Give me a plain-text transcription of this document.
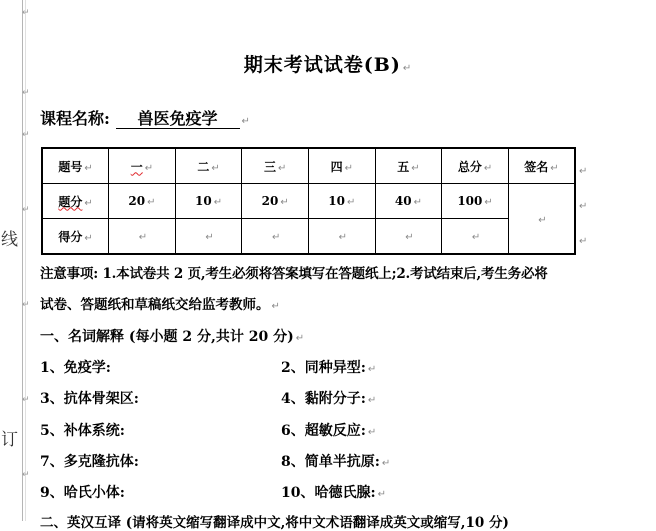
线
订
↵
↵
↵
↵
↵
↵
↵
期末考试试卷(B) ↵
课程名称: 兽医免疫学 ↵
题号 ↵	一 ↵	二 ↵	三 ↵	四 ↵	五 ↵	总分 ↵	签名 ↵
题分 ↵	20 ↵	10 ↵	20 ↵	10 ↵	40 ↵	100 ↵	↵
得分 ↵	↵	↵	↵	↵	↵	↵	
↵
↵
↵
注意事项: 1.本试卷共 2 页,考生必须将答案填写在答题纸上;2.考试结束后,考生务必将
试卷、答题纸和草稿纸交给监考教师。 ↵
一、名词解释 (每小题 2 分,共计 20 分) ↵
1、免疫学:	2、同种异型: ↵
3、抗体骨架区:	4、黏附分子: ↵
5、补体系统:	6、超敏反应: ↵
7、多克隆抗体:	8、简单半抗原: ↵
9、哈氏小体:	10、哈德氏腺: ↵
二、英汉互译 (请将英文缩写翻译成中文,将中文术语翻译成英文或缩写,10 分)
